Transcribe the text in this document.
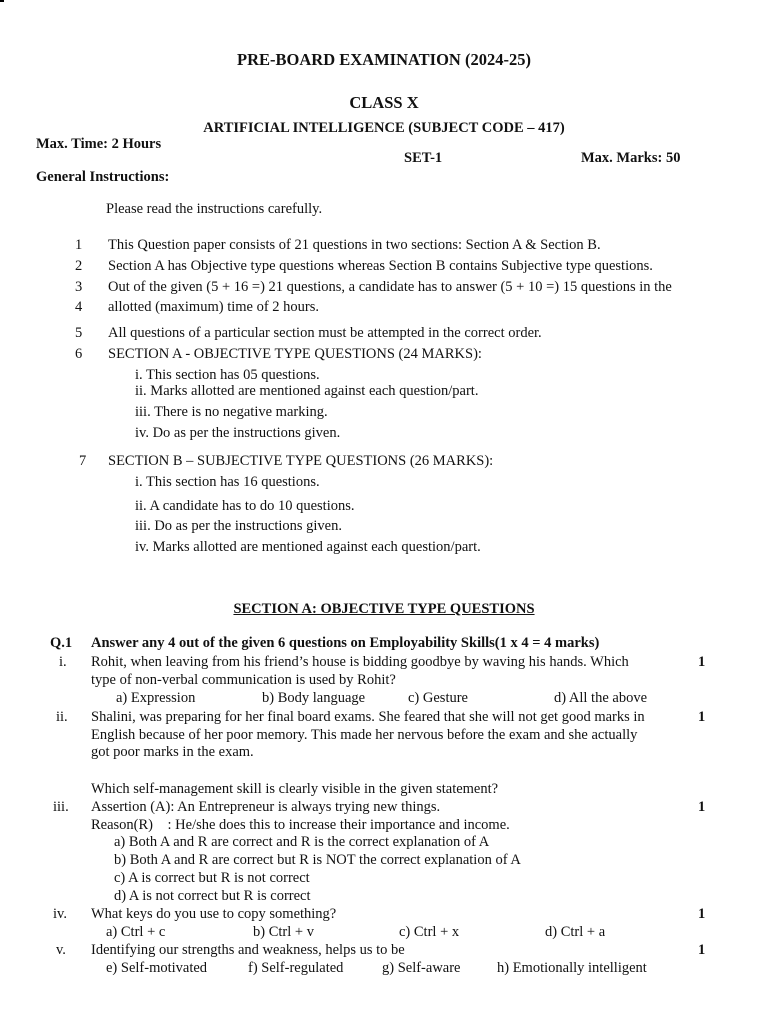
PRE-BOARD EXAMINATION (2024-25)
CLASS X
ARTIFICIAL INTELLIGENCE (SUBJECT CODE – 417)
Max. Time: 2 Hours
SET-1	Max. Marks: 50
General Instructions:
Please read the instructions carefully.
1 This Question paper consists of 21 questions in two sections: Section A & Section B.
2 Section A has Objective type questions whereas Section B contains Subjective type questions.
3 Out of the given (5 + 16 =) 21 questions, a candidate has to answer (5 + 10 =) 15 questions in the
4 allotted (maximum) time of 2 hours.
5 All questions of a particular section must be attempted in the correct order.
6 SECTION A - OBJECTIVE TYPE QUESTIONS (24 MARKS):
i. This section has 05 questions.
ii. Marks allotted are mentioned against each question/part.
iii. There is no negative marking.
iv. Do as per the instructions given.
7 SECTION B – SUBJECTIVE TYPE QUESTIONS (26 MARKS):
i. This section has 16 questions.
ii. A candidate has to do 10 questions.
iii. Do as per the instructions given.
iv. Marks allotted are mentioned against each question/part.
SECTION A: OBJECTIVE TYPE QUESTIONS
Q.1 Answer any 4 out of the given 6 questions on Employability Skills(1 x 4 = 4 marks)
i. Rohit, when leaving from his friend’s house is bidding goodbye by waving his hands. Which	1
type of non-verbal communication is used by Rohit?
a) Expression	b) Body language	c) Gesture	d) All the above
ii. Shalini, was preparing for her final board exams. She feared that she will not get good marks in	1
English because of her poor memory. This made her nervous before the exam and she actually
got poor marks in the exam.
Which self-management skill is clearly visible in the given statement?
iii. Assertion (A): An Entrepreneur is always trying new things.	1
Reason(R)    : He/she does this to increase their importance and income.
a) Both A and R are correct and R is the correct explanation of A
b) Both A and R are correct but R is NOT the correct explanation of A
c) A is correct but R is not correct
d) A is not correct but R is correct
iv. What keys do you use to copy something?	1
a) Ctrl + c	b) Ctrl + v	c) Ctrl + x	d) Ctrl + a
v. Identifying our strengths and weakness, helps us to be	1
e) Self-motivated	f) Self-regulated	g) Self-aware	h) Emotionally intelligent
